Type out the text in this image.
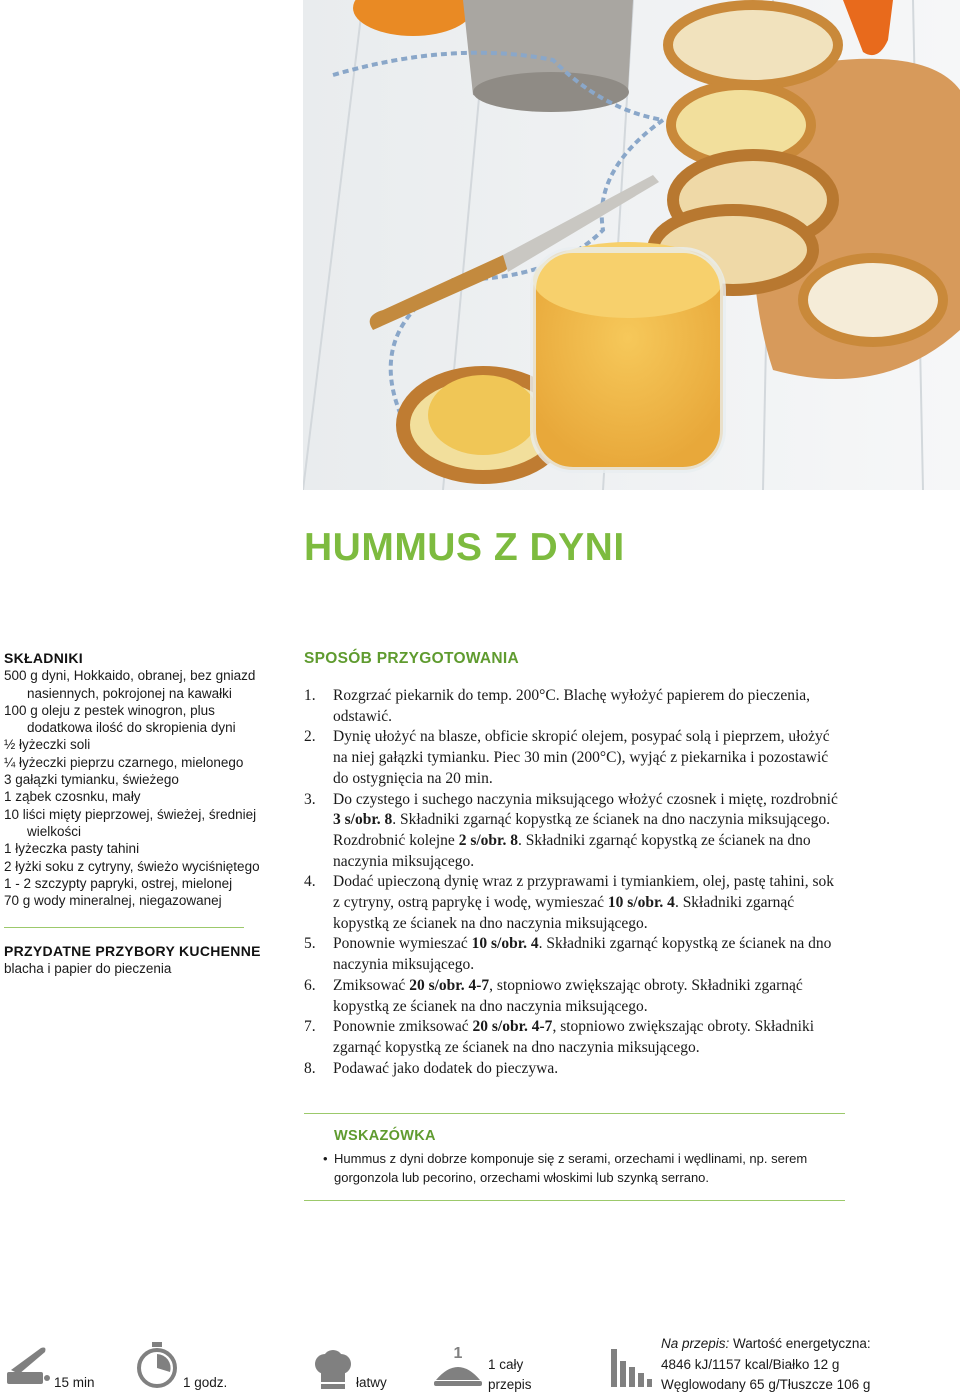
HUMMUS Z DYNI
SKŁADNIKI
500 g dyni, Hokkaido, obranej, bez gniazd nasiennych, pokrojonej na kawałki
100 g oleju z pestek winogron, plus dodatkowa ilość do skropienia dyni
½ łyżeczki soli
¼ łyżeczki pieprzu czarnego, mielonego
3 gałązki tymianku, świeżego
1 ząbek czosnku, mały
10 liści mięty pieprzowej, świeżej, średniej wielkości
1 łyżeczka pasty tahini
2 łyżki soku z cytryny, świeżo wyciśniętego
1 - 2 szczypty papryki, ostrej, mielonej
70 g wody mineralnej, niegazowanej
PRZYDATNE PRZYBORY KUCHENNE
blacha i papier do pieczenia
SPOSÓB PRZYGOTOWANIA
1.	Rozgrzać piekarnik do temp. 200°C. Blachę wyłożyć papierem do pieczenia, odstawić.
2.	Dynię ułożyć na blasze, obficie skropić olejem, posypać solą i pieprzem, ułożyć na niej gałązki tymianku. Piec 30 min (200°C), wyjąć z piekarnika i pozostawić do ostygnięcia na 20 min.
3.	Do czystego i suchego naczynia miksującego włożyć czosnek i miętę, rozdrobnić 3 s/obr. 8. Składniki zgarnąć kopystką ze ścianek na dno naczynia miksującego. Rozdrobnić kolejne 2 s/obr. 8. Składniki zgarnąć kopystką ze ścianek na dno naczynia miksującego.
4.	Dodać upieczoną dynię wraz z przyprawami i tymiankiem, olej, pastę tahini, sok z cytryny, ostrą paprykę i wodę, wymieszać 10 s/obr. 4. Składniki zgarnąć kopystką ze ścianek na dno naczynia miksującego.
5.	Ponownie wymieszać 10 s/obr. 4. Składniki zgarnąć kopystką ze ścianek na dno naczynia miksującego.
6.	Zmiksować 20 s/obr. 4-7, stopniowo zwiększając obroty. Składniki zgarnąć kopystką ze ścianek na dno naczynia miksującego.
7.	Ponownie zmiksować 20 s/obr. 4-7, stopniowo zwiększając obroty. Składniki zgarnąć kopystką ze ścianek na dno naczynia miksującego.
8.	Podawać jako dodatek do pieczywa.
WSKAZÓWKA
• Hummus z dyni dobrze komponuje się z serami, orzechami i wędlinami, np. serem gorgonzola lub pecorino, orzechami włoskimi lub szynką serrano.
15 min	1 godz.	łatwy
1
1 cały przepis
Na przepis: Wartość energetyczna:
4846 kJ/1157 kcal/Białko 12 g
Węglowodany 65 g/Tłuszcze 106 g
